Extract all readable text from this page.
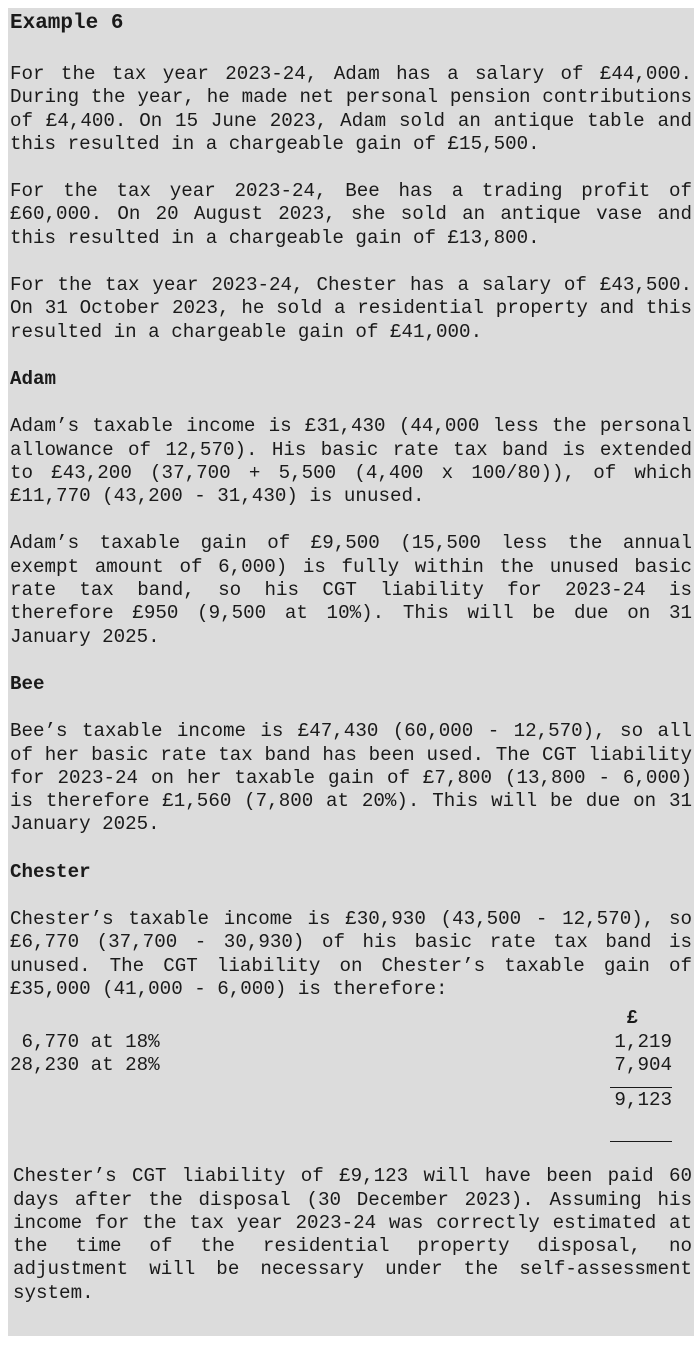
Example 6

For the tax year 2023-24, Adam has a salary of £44,000. During the year, he made net personal pension contributions of £4,400. On 15 June 2023, Adam sold an antique table and this resulted in a chargeable gain of £15,500.

For the tax year 2023-24, Bee has a trading profit of £60,000. On 20 August 2023, she sold an antique vase and this resulted in a chargeable gain of £13,800.

For the tax year 2023-24, Chester has a salary of £43,500. On 31 October 2023, he sold a residential property and this resulted in a chargeable gain of £41,000.

Adam

Adam’s taxable income is £31,430 (44,000 less the personal allowance of 12,570). His basic rate tax band is extended to £43,200 (37,700 + 5,500 (4,400 x 100/80)), of which £11,770 (43,200 - 31,430) is unused.

Adam’s taxable gain of £9,500 (15,500 less the annual exempt amount of 6,000) is fully within the unused basic rate tax band, so his CGT liability for 2023-24 is therefore £950 (9,500 at 10%). This will be due on 31 January 2025.

Bee

Bee’s taxable income is £47,430 (60,000 - 12,570), so all of her basic rate tax band has been used. The CGT liability for 2023-24 on her taxable gain of £7,800 (13,800 - 6,000) is therefore £1,560 (7,800 at 20%). This will be due on 31 January 2025.

Chester

Chester’s taxable income is £30,930 (43,500 - 12,570), so £6,770 (37,700 - 30,930) of his basic rate tax band is unused. The CGT liability on Chester’s taxable gain of £35,000 (41,000 - 6,000) is therefore:

£
6,770 at 18%	1,219
28,230 at 28%	7,904
9,123

Chester’s CGT liability of £9,123 will have been paid 60 days after the disposal (30 December 2023). Assuming his income for the tax year 2023-24 was correctly estimated at the time of the residential property disposal, no adjustment will be necessary under the self-assessment system.
